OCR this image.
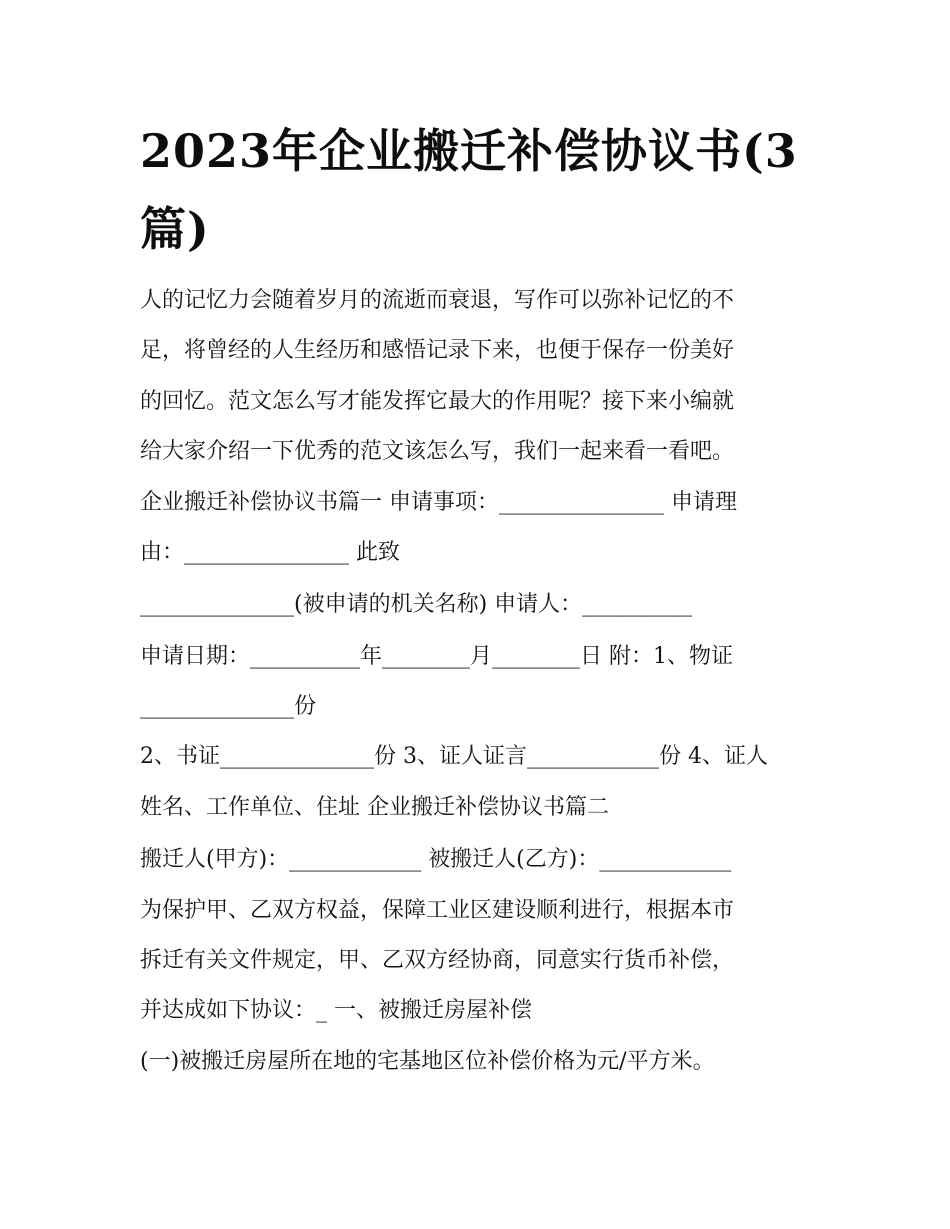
2023年企业搬迁补偿协议书(3篇)

人的记忆力会随着岁月的流逝而衰退，写作可以弥补记忆的不

足，将曾经的人生经历和感悟记录下来，也便于保存一份美好

的回忆。范文怎么写才能发挥它最大的作用呢？接下来小编就

给大家介绍一下优秀的范文该怎么写，我们一起来看一看吧。

企业搬迁补偿协议书篇一 申请事项：_______________ 申请理

由：_______________ 此致

______________(被申请的机关名称) 申请人：__________

申请日期：__________年________月________日 附：1、物证

______________份

2、书证______________份 3、证人证言____________份 4、证人

姓名、工作单位、住址 企业搬迁补偿协议书篇二

搬迁人(甲方)：____________ 被搬迁人(乙方)：____________

为保护甲、乙双方权益，保障工业区建设顺利进行，根据本市

拆迁有关文件规定，甲、乙双方经协商，同意实行货币补偿，

并达成如下协议：_ 一、被搬迁房屋补偿

(一)被搬迁房屋所在地的宅基地区位补偿价格为元/平方米。
